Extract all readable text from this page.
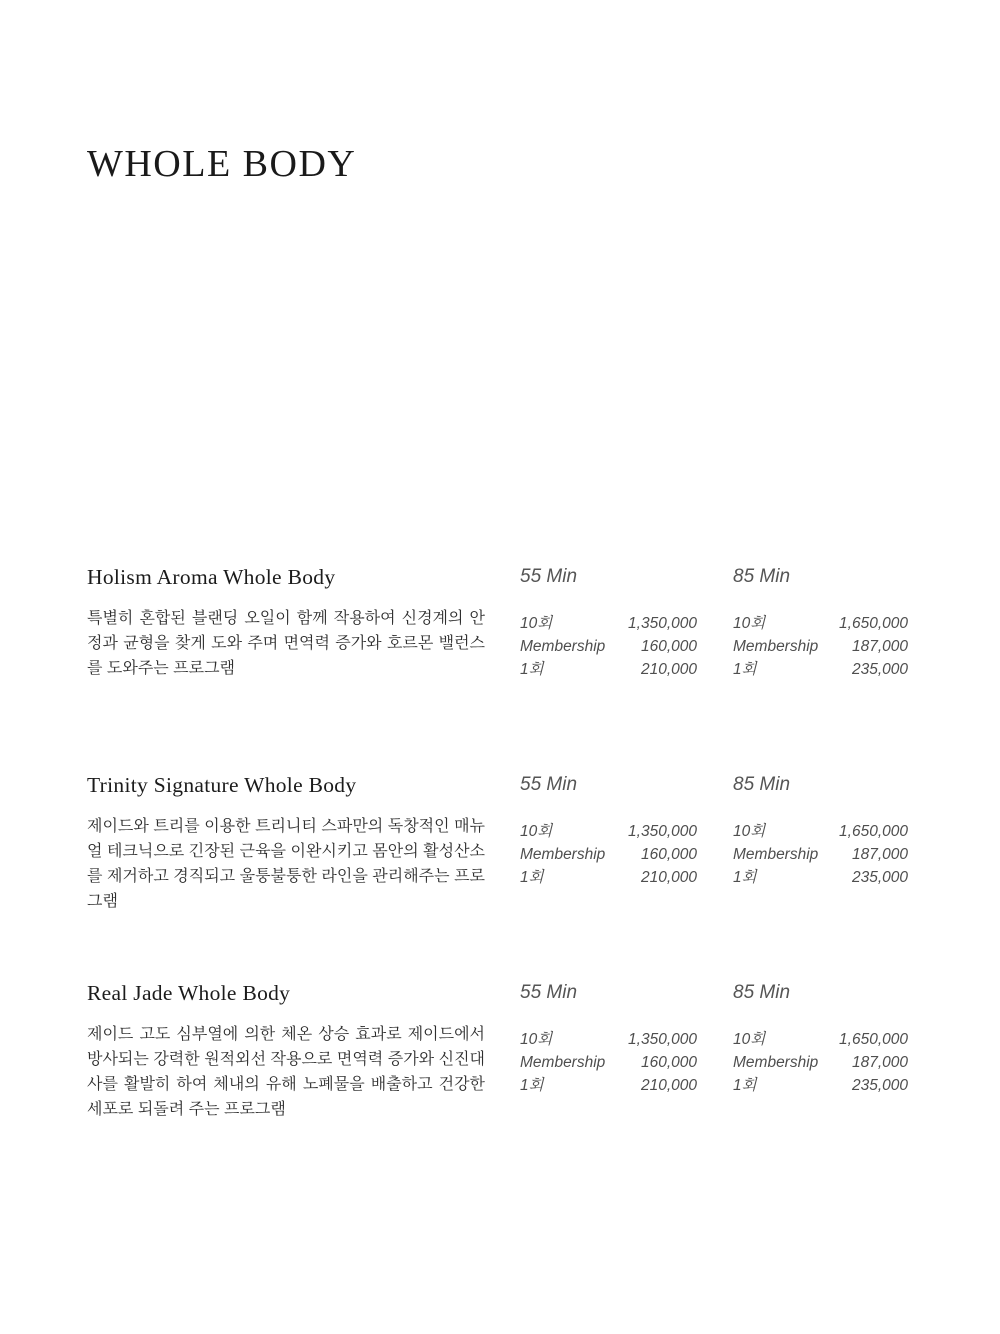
WHOLE BODY
Holism Aroma Whole Body

특별히 혼합된 블랜딩 오일이 함께 작용하여 신경계의 안정과 균형을 찾게 도와 주며 면역력 증가와 호르몬 밸런스를 도와주는 프로그램

55 Min
10회	1,350,000
Membership 160,000
1회	210,000
85 Min
10회	1,650,000
Membership 187,000
1회	235,000
Trinity Signature Whole Body

제이드와 트리를 이용한 트리니티 스파만의 독창적인 매뉴얼 테크닉으로 긴장된 근육을 이완시키고 몸안의 활성산소를 제거하고 경직되고 울퉁불퉁한 라인을 관리해주는 프로그램

55 Min
10회	1,350,000
Membership 160,000
1회	210,000
85 Min
10회	1,650,000
Membership 187,000
1회	235,000
Real Jade Whole Body

제이드 고도 심부열에 의한 체온 상승 효과로 제이드에서 방사되는 강력한 원적외선 작용으로 면역력 증가와 신진대사를 활발히 하여 체내의 유해 노폐물을 배출하고 건강한 세포로 되돌려 주는 프로그램

55 Min
10회	1,350,000
Membership 160,000
1회	210,000
85 Min
10회	1,650,000
Membership 187,000
1회	235,000
